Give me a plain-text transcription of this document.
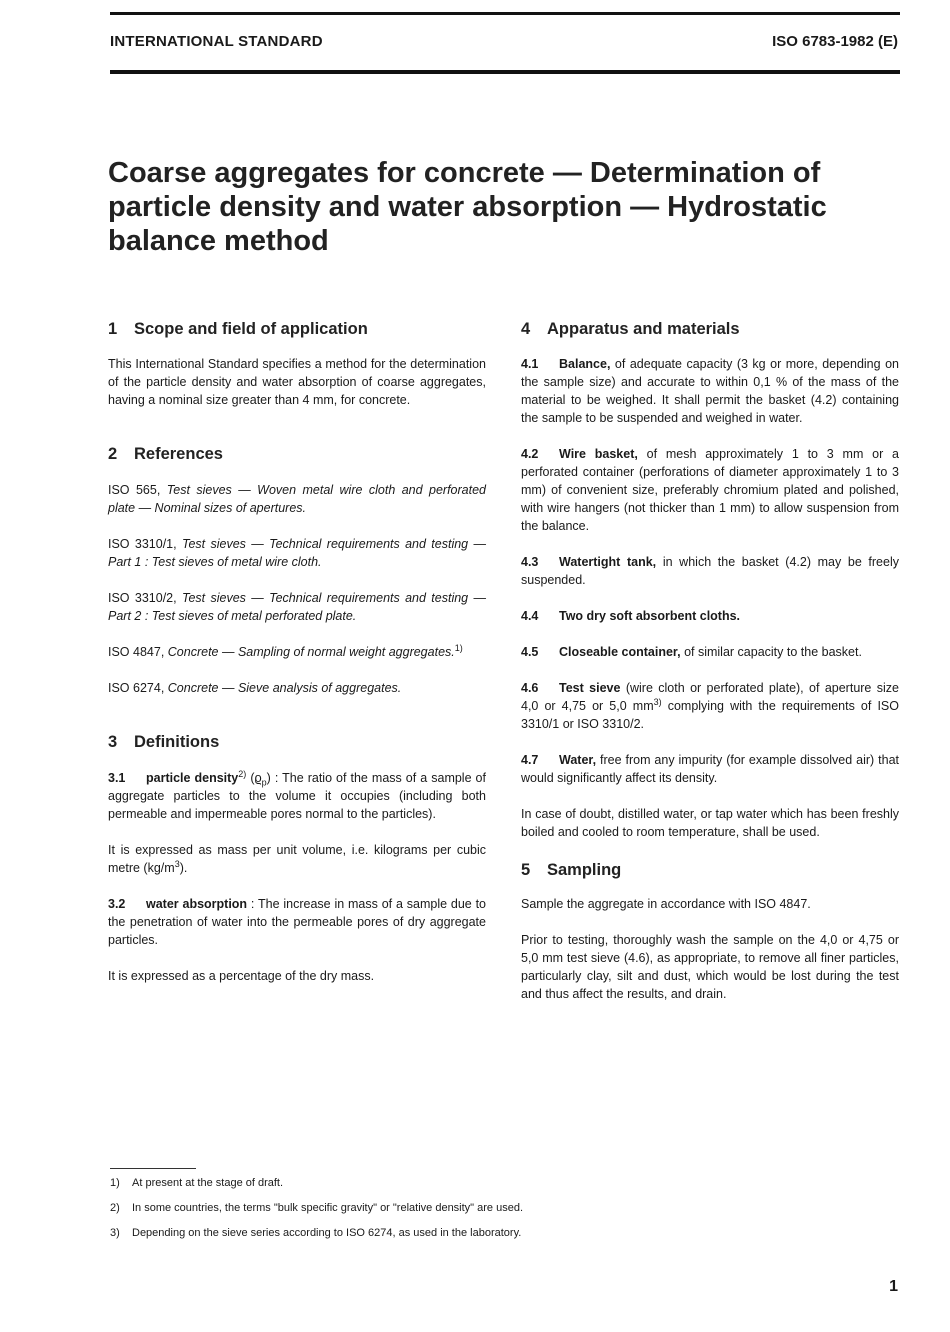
INTERNATIONAL STANDARD	ISO 6783-1982 (E)
Coarse aggregates for concrete — Determination of particle density and water absorption — Hydrostatic balance method
1 Scope and field of application

This International Standard specifies a method for the determination of the particle density and water absorption of coarse aggregates, having a nominal size greater than 4 mm, for concrete.

2 References

ISO 565, Test sieves — Woven metal wire cloth and perforated plate — Nominal sizes of apertures.

ISO 3310/1, Test sieves — Technical requirements and testing — Part 1 : Test sieves of metal wire cloth.

ISO 3310/2, Test sieves — Technical requirements and testing — Part 2 : Test sieves of metal perforated plate.

ISO 4847, Concrete — Sampling of normal weight aggregates.$^{1)}$

ISO 6274, Concrete — Sieve analysis of aggregates.

3 Definitions

3.1 particle density$^{2)}$ $(ϱ_p)$ : The ratio of the mass of a sample of aggregate particles to the volume it occupies (including both permeable and impermeable pores normal to the particles).

It is expressed as mass per unit volume, i.e. kilograms per cubic metre $(kg/m^3)$.

3.2 water absorption : The increase in mass of a sample due to the penetration of water into the permeable pores of dry aggregate particles.

It is expressed as a percentage of the dry mass.

4 Apparatus and materials

4.1 Balance, of adequate capacity (3 kg or more, depending on the sample size) and accurate to within 0,1 % of the mass of the material to be weighed. It shall permit the basket (4.2) containing the sample to be suspended and weighed in water.

4.2 Wire basket, of mesh approximately 1 to 3 mm or a perforated container (perforations of diameter approximately 1 to 3 mm) of convenient size, preferably chromium plated and polished, with wire hangers (not thicker than 1 mm) to allow suspension from the balance.

4.3 Watertight tank, in which the basket (4.2) may be freely suspended.

4.4 Two dry soft absorbent cloths.

4.5 Closeable container, of similar capacity to the basket.

4.6 Test sieve (wire cloth or perforated plate), of aperture size 4,0 or 4,75 or 5,0 $mm^{3)}$ complying with the requirements of ISO 3310/1 or ISO 3310/2.

4.7 Water, free from any impurity (for example dissolved air) that would significantly affect its density.

In case of doubt, distilled water, or tap water which has been freshly boiled and cooled to room temperature, shall be used.

5 Sampling

Sample the aggregate in accordance with ISO 4847.

Prior to testing, thoroughly wash the sample on the 4,0 or 4,75 or 5,0 mm test sieve (4.6), as appropriate, to remove all finer particles, particularly clay, silt and dust, which would be lost during the test and thus affect the results, and drain.

1) At present at the stage of draft.
2) In some countries, the terms "bulk specific gravity" or "relative density" are used.
3) Depending on the sieve series according to ISO 6274, as used in the laboratory.
1
